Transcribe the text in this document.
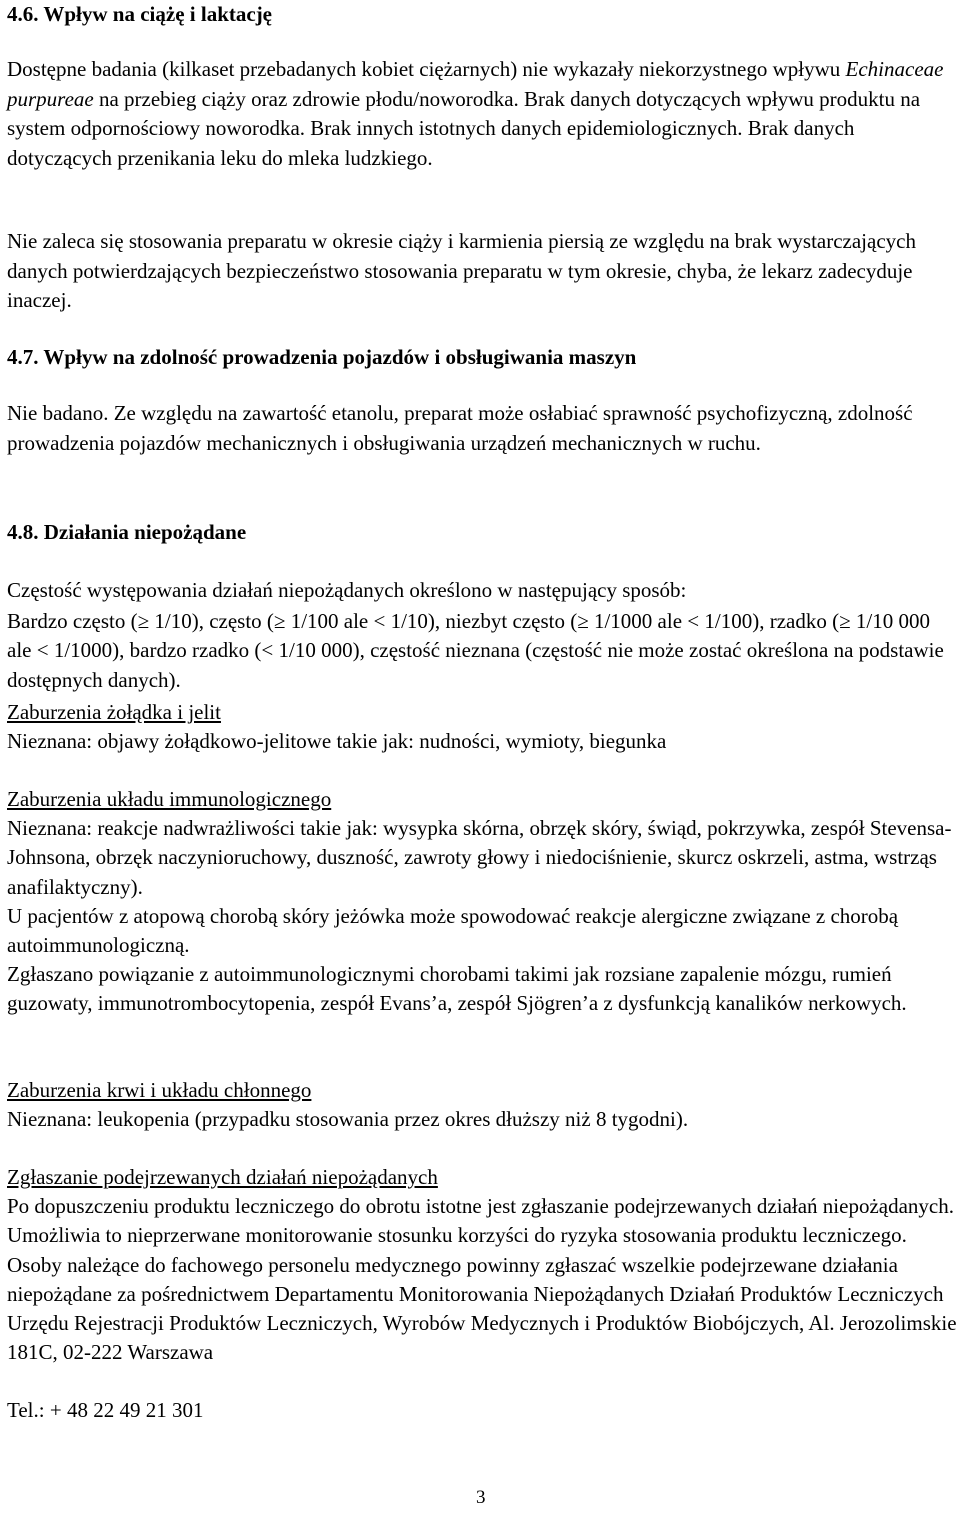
4.6. Wpływ na ciążę i laktację

Dostępne badania (kilkaset przebadanych kobiet ciężarnych) nie wykazały niekorzystnego wpływu Echinaceae purpureae na przebieg ciąży oraz zdrowie płodu/noworodka. Brak danych dotyczących wpływu produktu na system odpornościowy noworodka. Brak innych istotnych danych epidemiologicznych. Brak danych dotyczących przenikania leku do mleka ludzkiego.

Nie zaleca się stosowania preparatu w okresie ciąży i karmienia piersią ze względu na brak wystarczających danych potwierdzających bezpieczeństwo stosowania preparatu w tym okresie, chyba, że lekarz zadecyduje inaczej.

4.7. Wpływ na zdolność prowadzenia pojazdów i obsługiwania maszyn

Nie badano. Ze względu na zawartość etanolu, preparat może osłabiać sprawność psychofizyczną, zdolność prowadzenia pojazdów mechanicznych i obsługiwania urządzeń mechanicznych w ruchu.

4.8. Działania niepożądane

Częstość występowania działań niepożądanych określono w następujący sposób:

Bardzo często (≥ 1/10), często (≥ 1/100 ale < 1/10), niezbyt często (≥ 1/1000 ale < 1/100), rzadko (≥ 1/10 000 ale < 1/1000), bardzo rzadko (< 1/10 000), częstość nieznana (częstość nie może zostać określona na podstawie dostępnych danych).

Zaburzenia żołądka i jelit

Nieznana: objawy żołądkowo-jelitowe takie jak: nudności, wymioty, biegunka

Zaburzenia układu immunologicznego

Nieznana: reakcje nadwrażliwości takie jak: wysypka skórna, obrzęk skóry, świąd, pokrzywka, zespół Stevensa-Johnsona, obrzęk naczynioruchowy, duszność, zawroty głowy i niedociśnienie, skurcz oskrzeli, astma, wstrząs anafilaktyczny).

U pacjentów z atopową chorobą skóry jeżówka może spowodować reakcje alergiczne związane z chorobą autoimmunologiczną.

Zgłaszano powiązanie z autoimmunologicznymi chorobami takimi jak rozsiane zapalenie mózgu, rumień guzowaty, immunotrombocytopenia, zespół Evans’a, zespół Sjögren’a z dysfunkcją kanalików nerkowych.

Zaburzenia krwi i układu chłonnego

Nieznana: leukopenia (przypadku stosowania przez okres dłuższy niż 8 tygodni).

Zgłaszanie podejrzewanych działań niepożądanych

Po dopuszczeniu produktu leczniczego do obrotu istotne jest zgłaszanie podejrzewanych działań niepożądanych. Umożliwia to nieprzerwane monitorowanie stosunku korzyści do ryzyka stosowania produktu leczniczego. Osoby należące do fachowego personelu medycznego powinny zgłaszać wszelkie podejrzewane działania niepożądane za pośrednictwem Departamentu Monitorowania Niepożądanych Działań Produktów Leczniczych Urzędu Rejestracji Produktów Leczniczych, Wyrobów Medycznych i Produktów Biobójczych, Al. Jerozolimskie 181C, 02-222 Warszawa

Tel.: + 48 22 49 21 301

3
